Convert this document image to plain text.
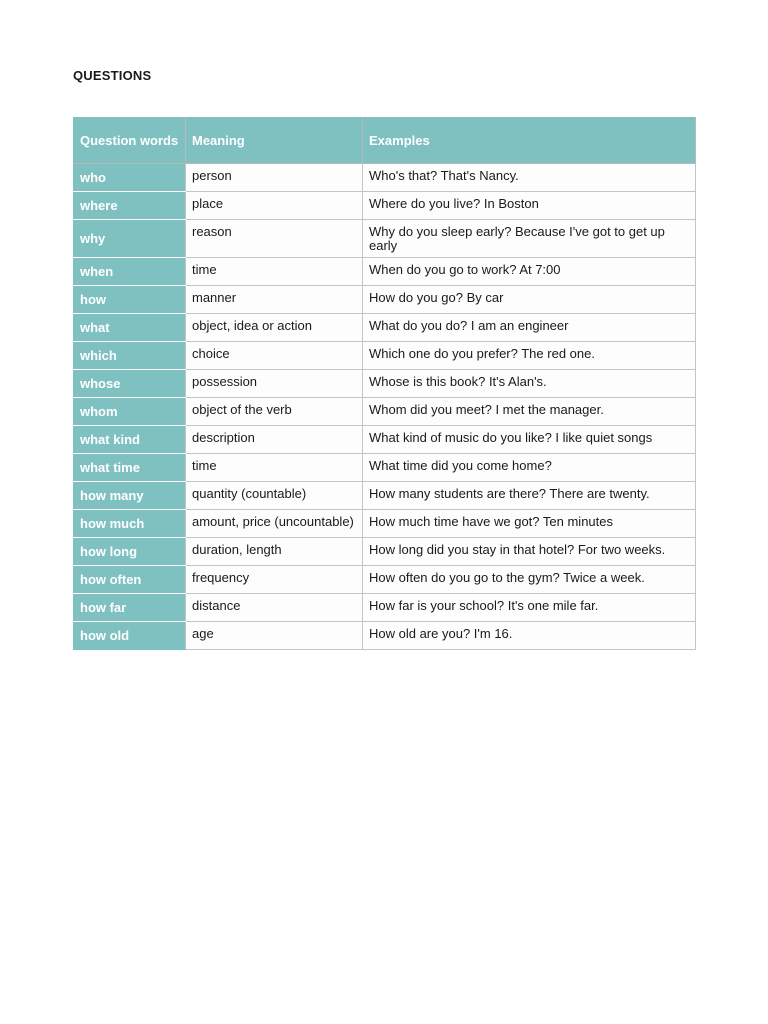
QUESTIONS
Question words	Meaning	Examples
who	person	Who's that? That's Nancy.
where	place	Where do you live? In Boston
why	reason	Why do you sleep early? Because I've got to get up early
when	time	When do you go to work? At 7:00
how	manner	How do you go? By car
what	object, idea or action	What do you do? I am an engineer
which	choice	Which one do you prefer? The red one.
whose	possession	Whose is this book? It's Alan's.
whom	object of the verb	Whom did you meet? I met the manager.
what kind	description	What kind of music do you like? I like quiet songs
what time	time	What time did you come home?
how many	quantity (countable)	How many students are there? There are twenty.
how much	amount, price (uncountable)	How much time have we got? Ten minutes
how long	duration, length	How long did you stay in that hotel? For two weeks.
how often	frequency	How often do you go to the gym? Twice a week.
how far	distance	How far is your school? It's one mile far.
how old	age	How old are you? I'm 16.
